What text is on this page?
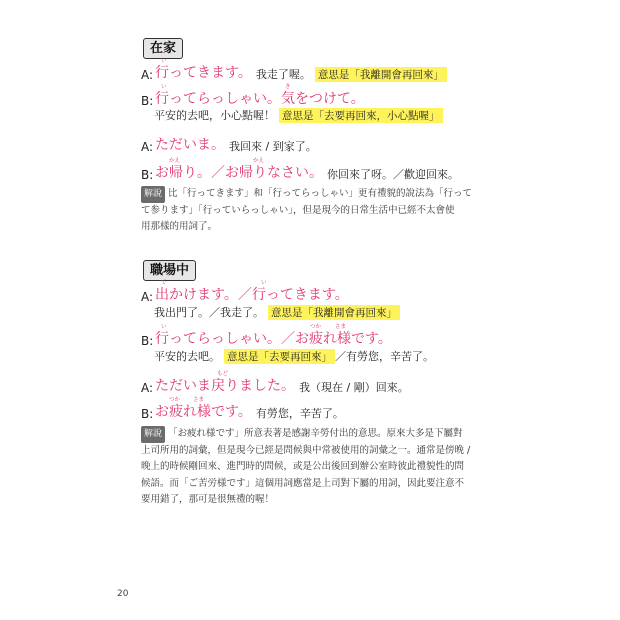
在家
A:
い
行ってきます。 我走了喔。 意思是「我離開會再回來」
B:
い	き
行ってらっしゃい。気をつけて。
平安的去吧，小心點喔！ 意思是「去要再回來，小心點喔」
A: ただいま。 我回來 / 到家了。
B:
かえ	かえ
お帰り。／お帰りなさい。 你回來了呀。／歡迎回來。

解說 比「行ってきます」和「行ってらっしゃい」更有禮貌的說法為「行って

て参ります」「行っていらっしゃい」，但是現今的日常生活中已經不太會使

用那樣的用詞了。

職場中
A:
で	い
出かけます。／行ってきます。
我出門了。／我走了。 意思是「我離開會再回來」
B:
い	つか	さま
行ってらっしゃい。／お疲れ様です。
平安的去吧。 意思是「去要再回來」 ／有勞您，辛苦了。
A:
もど
ただいま戻りました。 我（現在 / 剛）回來。
B:
つか さま
お疲れ様です。 有勞您，辛苦了。

解說 「お疲れ様です」所意表著是感謝辛勞付出的意思。原來大多是下屬對

上司所用的詞彙，但是現今已經是問候與中常被使用的詞彙之一。通常是傍晚 /

晚上的時候剛回來、進門時的問候，或是公出後回到辦公室時彼此禮貌性的問

候語。而「ご苦労様です」這個用詞應當是上司對下屬的用詞，因此要注意不

要用錯了，那可是很無禮的喔！

20
